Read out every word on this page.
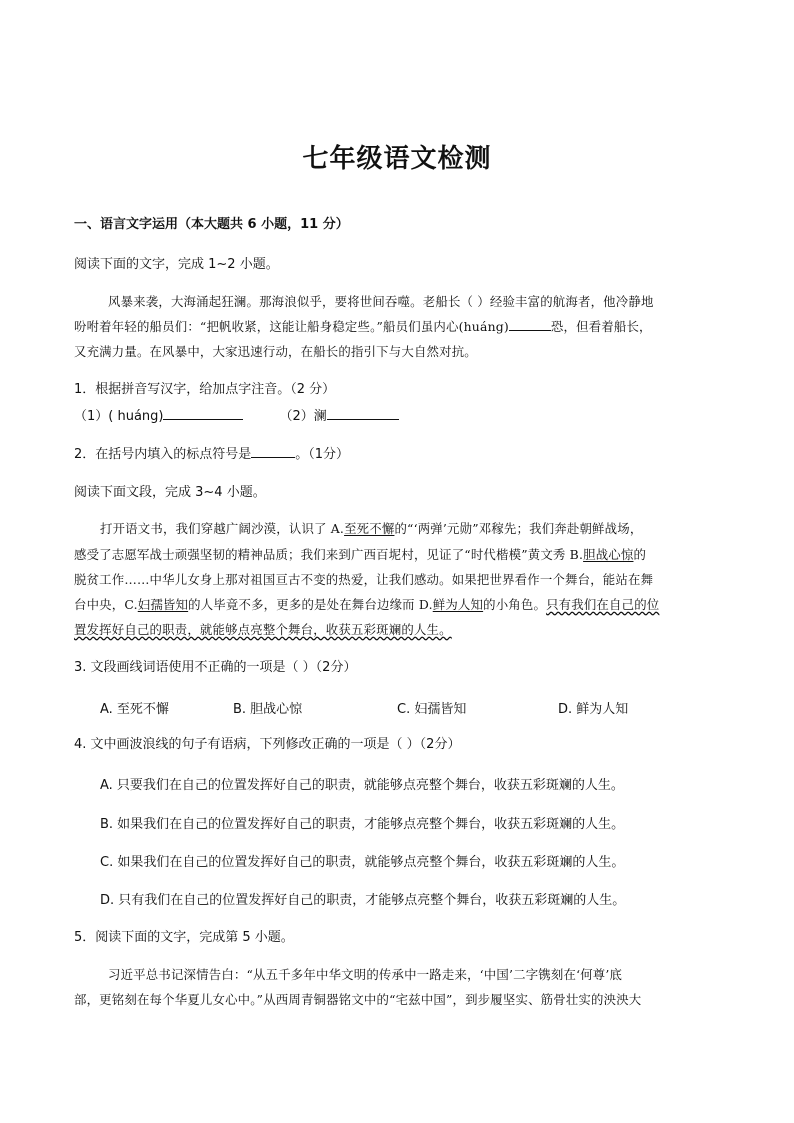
七年级语文检测
一、语言文字运用（本大题共 6 小题，11 分）
阅读下面的文字，完成 1~2 小题。
风暴来袭，大海涌起狂澜。那海浪似乎，要将世间吞噬。老船长（ ）经验丰富的航海者，他冷静地
吩咐着年轻的船员们：“把帆收紧，这能让船身稳定些。”船员们虽内心(huáng)	恐，但看着船长，
又充满力量。在风暴中，大家迅速行动，在船长的指引下与大自然对抗。
1．根据拼音写汉字，给加点字注音。（2 分）
（1）( huáng)	（2）澜
2．在括号内填入的标点符号是	。（1分）
阅读下面文段，完成 3~4 小题。
打开语文书，我们穿越广阔沙漠，认识了 A.至死不懈的“‘两弹’元勋”邓稼先；我们奔赴朝鲜战场，
感受了志愿军战士顽强坚韧的精神品质；我们来到广西百坭村，见证了“时代楷模”黄文秀 B.胆战心惊的
脱贫工作……中华儿女身上那对祖国亘古不变的热爱，让我们感动。如果把世界看作一个舞台，能站在舞
台中央，C.妇孺皆知的人毕竟不多，更多的是处在舞台边缘而 D.鲜为人知的小角色。只有我们在自己的位
置发挥好自己的职责，就能够点亮整个舞台，收获五彩斑斓的人生。
3. 文段画线词语使用不正确的一项是（ ）（2分）
A. 至死不懈	B. 胆战心惊	C. 妇孺皆知	D. 鲜为人知
4. 文中画波浪线的句子有语病，下列修改正确的一项是（ ）（2分）
A. 只要我们在自己的位置发挥好自己的职责，就能够点亮整个舞台，收获五彩斑斓的人生。
B. 如果我们在自己的位置发挥好自己的职责，才能够点亮整个舞台，收获五彩斑斓的人生。
C. 如果我们在自己的位置发挥好自己的职责，就能够点亮整个舞台，收获五彩斑斓的人生。
D. 只有我们在自己的位置发挥好自己的职责，才能够点亮整个舞台，收获五彩斑斓的人生。
5．阅读下面的文字，完成第 5 小题。
习近平总书记深情告白：“从五千多年中华文明的传承中一路走来，‘中国’二字镌刻在‘何尊’底
部，更铭刻在每个华夏儿女心中。”从西周青铜器铭文中的“宅兹中国”，到步履坚实、筋骨壮实的泱泱大
